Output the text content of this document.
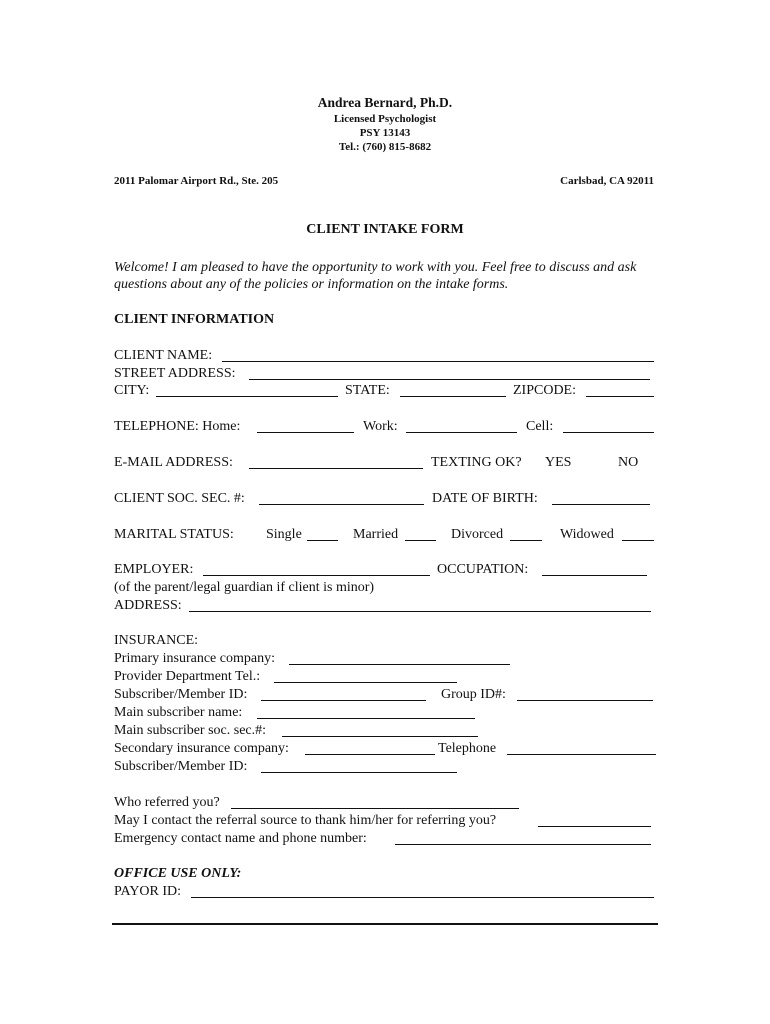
Andrea Bernard, Ph.D.
Licensed Psychologist
PSY 13143
Tel.: (760) 815-8682
2011 Palomar Airport Rd., Ste. 205	Carlsbad, CA 92011
CLIENT INTAKE FORM
Welcome! I am pleased to have the opportunity to work with you. Feel free to discuss and ask questions about any of the policies or information on the intake forms.
CLIENT INFORMATION
CLIENT NAME:
STREET ADDRESS:
CITY:	STATE:	ZIPCODE:
TELEPHONE: Home:	Work:	Cell:
E-MAIL ADDRESS:	TEXTING OK? YES	NO
CLIENT SOC. SEC. #:	DATE OF BIRTH:
MARITAL STATUS: Single	Married	Divorced	Widowed
EMPLOYER:	OCCUPATION:
(of the parent/legal guardian if client is minor)
ADDRESS:
INSURANCE:
Primary insurance company:
Provider Department Tel.:
Subscriber/Member ID:	Group ID#:
Main subscriber name:
Main subscriber soc. sec.#:
Secondary insurance company:	Telephone
Subscriber/Member ID:
Who referred you?
May I contact the referral source to thank him/her for referring you?
Emergency contact name and phone number:
OFFICE USE ONLY:
PAYOR ID:
